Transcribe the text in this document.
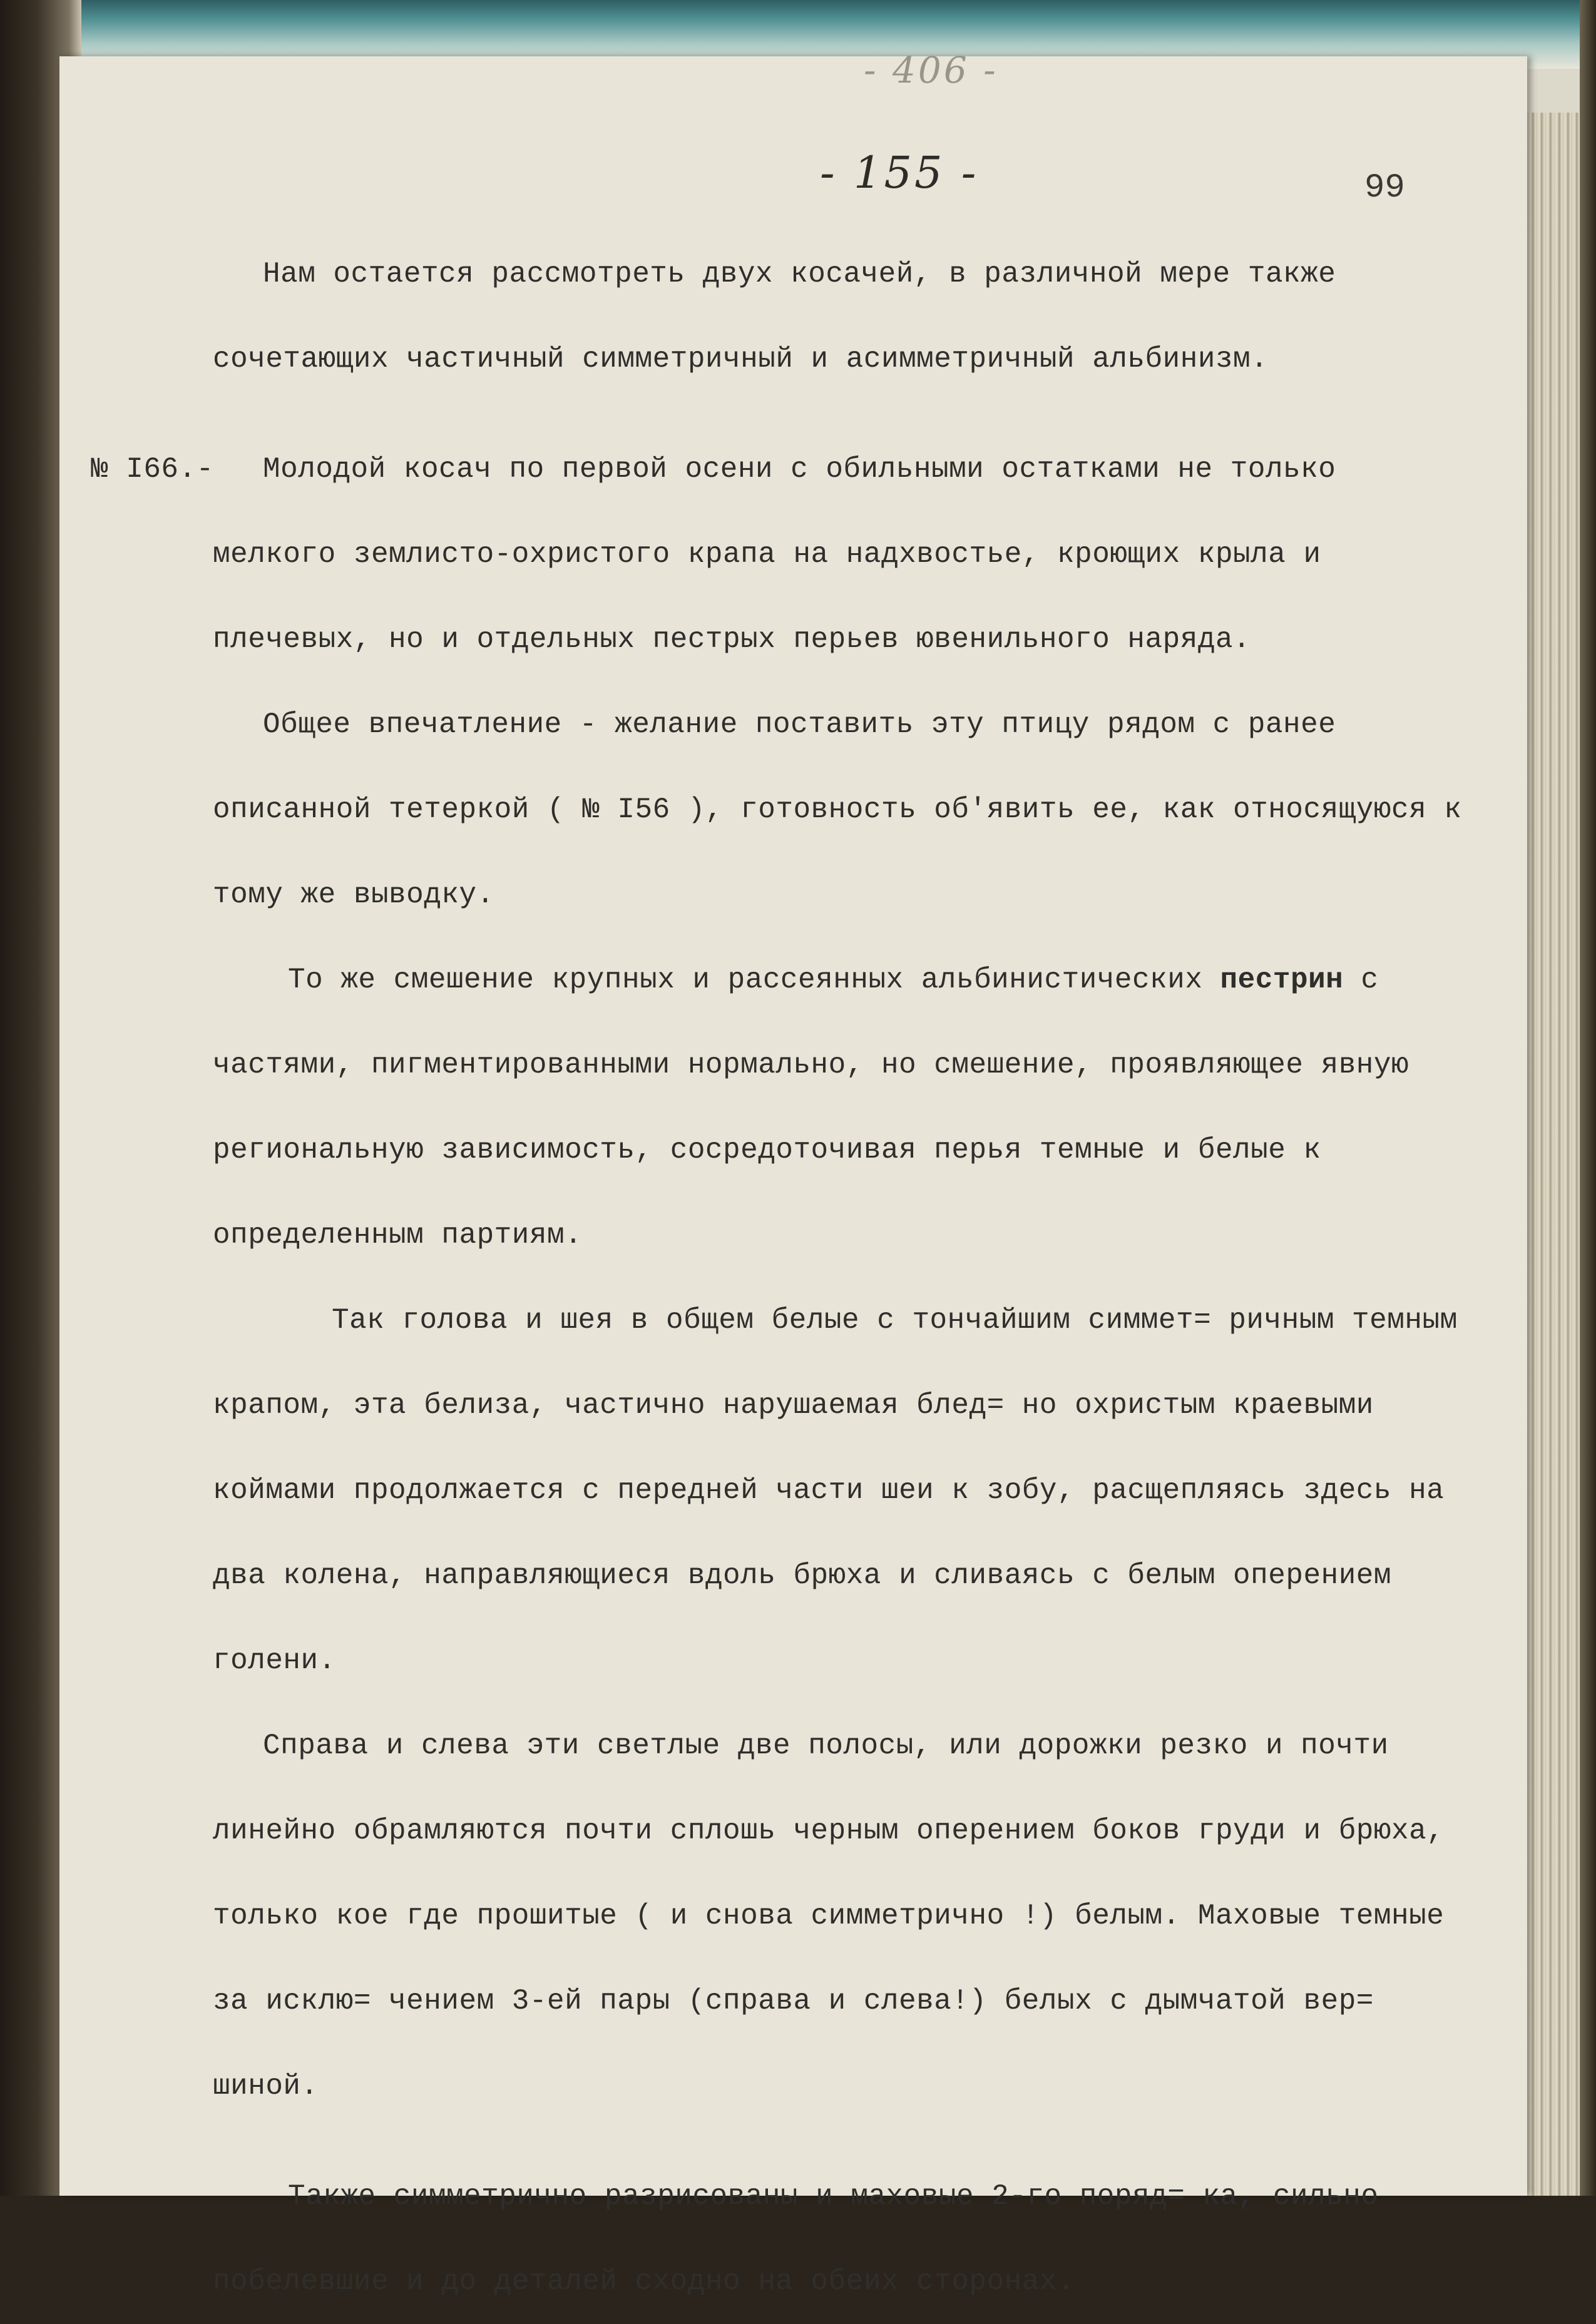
- 406 -
- 155 -	99

Нам остается рассмотреть двух косачей, в различной мере также сочетающих частичный симметричный и асимметричный альбинизм.

№ I66.-	Молодой косач по первой осени с обильными остатками не только мелкого землисто-охристого крапа на надхвостье, кроющих крыла и плечевых, но и отдельных пестрых перьев ювенильного наряда.

Общее впечатление - желание поставить эту птицу рядом с ранее описанной тетеркой ( № I56 ), готовность об'явить ее, как относящуюся к тому же выводку.

То же смешение крупных и рассеянных альбинистических пестрин с частями, пигментированными нормально, но смешение, проявляющее явную региональную зависимость, сосредоточивая перья темные и белые к определенным партиям.

Так голова и шея в общем белые с тончайшим симмет= ричным темным крапом, эта белиза, частично нарушаемая блед= но охристым краевыми коймами продолжается с передней части шеи к зобу, расщепляясь здесь на два колена, направляющиеся вдоль брюха и сливаясь с белым оперением голени.

Справа и слева эти светлые две полосы, или дорожки резко и почти линейно обрамляются почти сплошь черным оперением боков груди и брюха, только кое где прошитые ( и снова симметрично !) белым. Маховые темные за исклю= чением 3-ей пары (справа и слева!) белых с дымчатой вер= шиной.

Также симметрично разрисованы и маховые 2-го поряд= ка, сильно побелевшие и до деталей сходно на обеих сторонах.
